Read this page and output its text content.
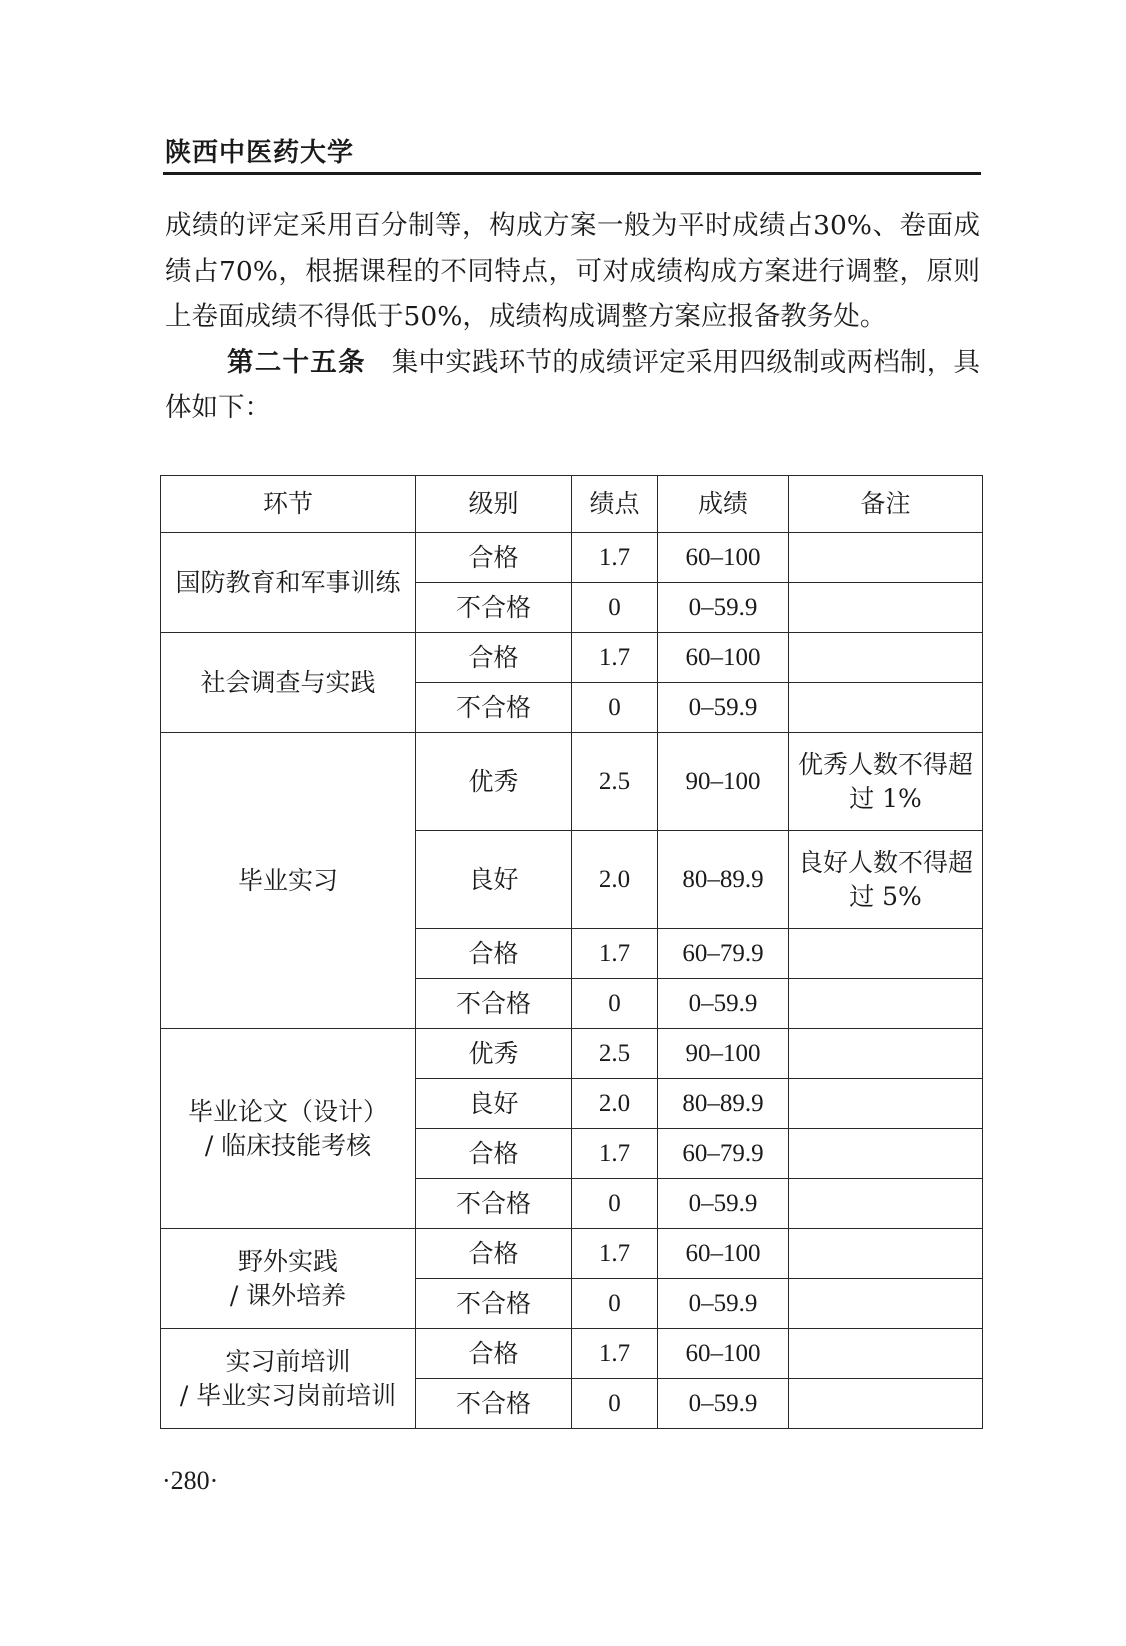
陕西中医药大学

成绩的评定采用百分制等，构成方案一般为平时成绩占30%、卷面成绩占70%，根据课程的不同特点，可对成绩构成方案进行调整，原则上卷面成绩不得低于50%，成绩构成调整方案应报备教务处。

第二十五条 集中实践环节的成绩评定采用四级制或两档制，具体如下：

环节	级别	绩点	成绩	备注
国防教育和军事训练	合格	1.7	60–100	
	不合格	0	0–59.9	
社会调查与实践	合格	1.7	60–100	
	不合格	0	0–59.9	
毕业实习	优秀	2.5	90–100	优秀人数不得超过 1%
	良好	2.0	80–89.9	良好人数不得超过 5%
	合格	1.7	60–79.9	
	不合格	0	0–59.9	

毕业论文（设计）
/ 临床技能考核	优秀	2.5	90–100	
	良好	2.0	80–89.9	
	合格	1.7	60–79.9	
	不合格	0	0–59.9	

野外实践
/ 课外培养	合格	1.7	60–100	
	不合格	0	0–59.9	

实习前培训
/ 毕业实习岗前培训	合格	1.7	60–100	
	不合格	0	0–59.9	
·280·
